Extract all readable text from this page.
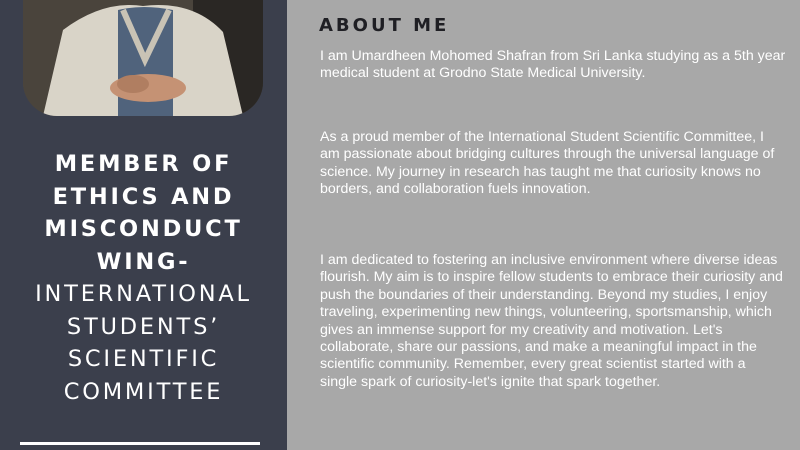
MEMBER OF
ETHICS AND
MISCONDUCT
WING-
INTERNATIONAL
STUDENTS’
SCIENTIFIC
COMMITTEE
ABOUT ME

I am Umardheen Mohomed Shafran from Sri Lanka studying as a 5th year medical student at Grodno State Medical University.

As a proud member of the International Student Scientific Committee, I am passionate about bridging cultures through the universal language of science. My journey in research has taught me that curiosity knows no borders, and collaboration fuels innovation.

I am dedicated to fostering an inclusive environment where diverse ideas flourish. My aim is to inspire fellow students to embrace their curiosity and push the boundaries of their understanding. Beyond my studies, I enjoy traveling, experimenting new things, volunteering, sportsmanship, which gives an immense support for my creativity and motivation. Let's collaborate, share our passions, and make a meaningful impact in the scientific community. Remember, every great scientist started with a single spark of curiosity-let's ignite that spark together.
